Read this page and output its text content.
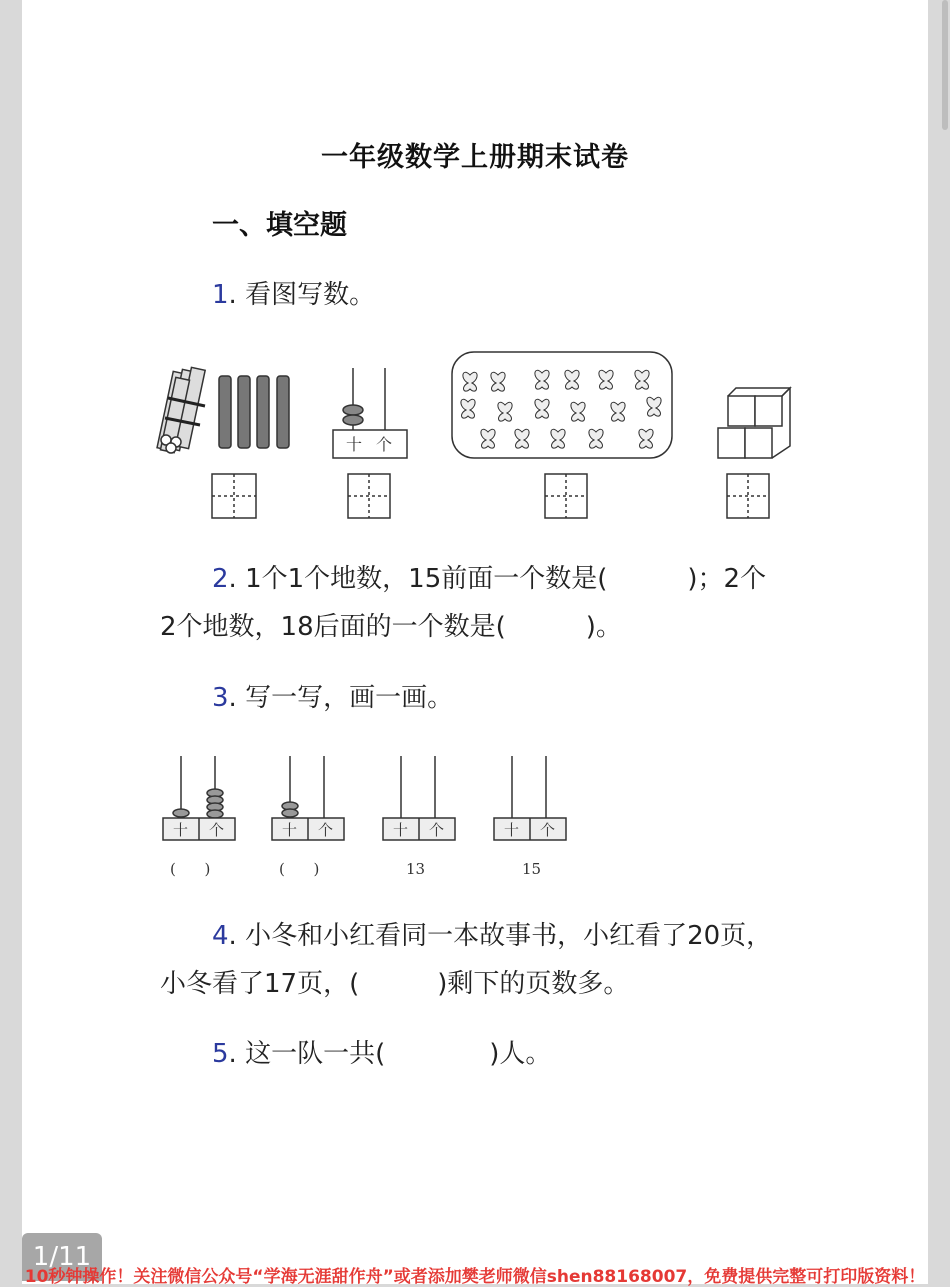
一年级数学上册期末试卷
一、填空题
1. 看图写数。
十 个
十 个	十 个	十 个	十 个
(      )	(      )	13	15
2. 1个1个地数，15前面一个数是(	)；2个
2个地数，18后面的一个数是(	)。
3. 写一写，画一画。
4. 小冬和小红看同一本故事书，小红看了20页，
小冬看了17页，(	)剩下的页数多。
5. 这一队一共(	)人。
1/11
10秒钟操作！关注微信公众号“学海无涯甜作舟”或者添加樊老师微信shen88168007，免费提供完整可打印版资料！
